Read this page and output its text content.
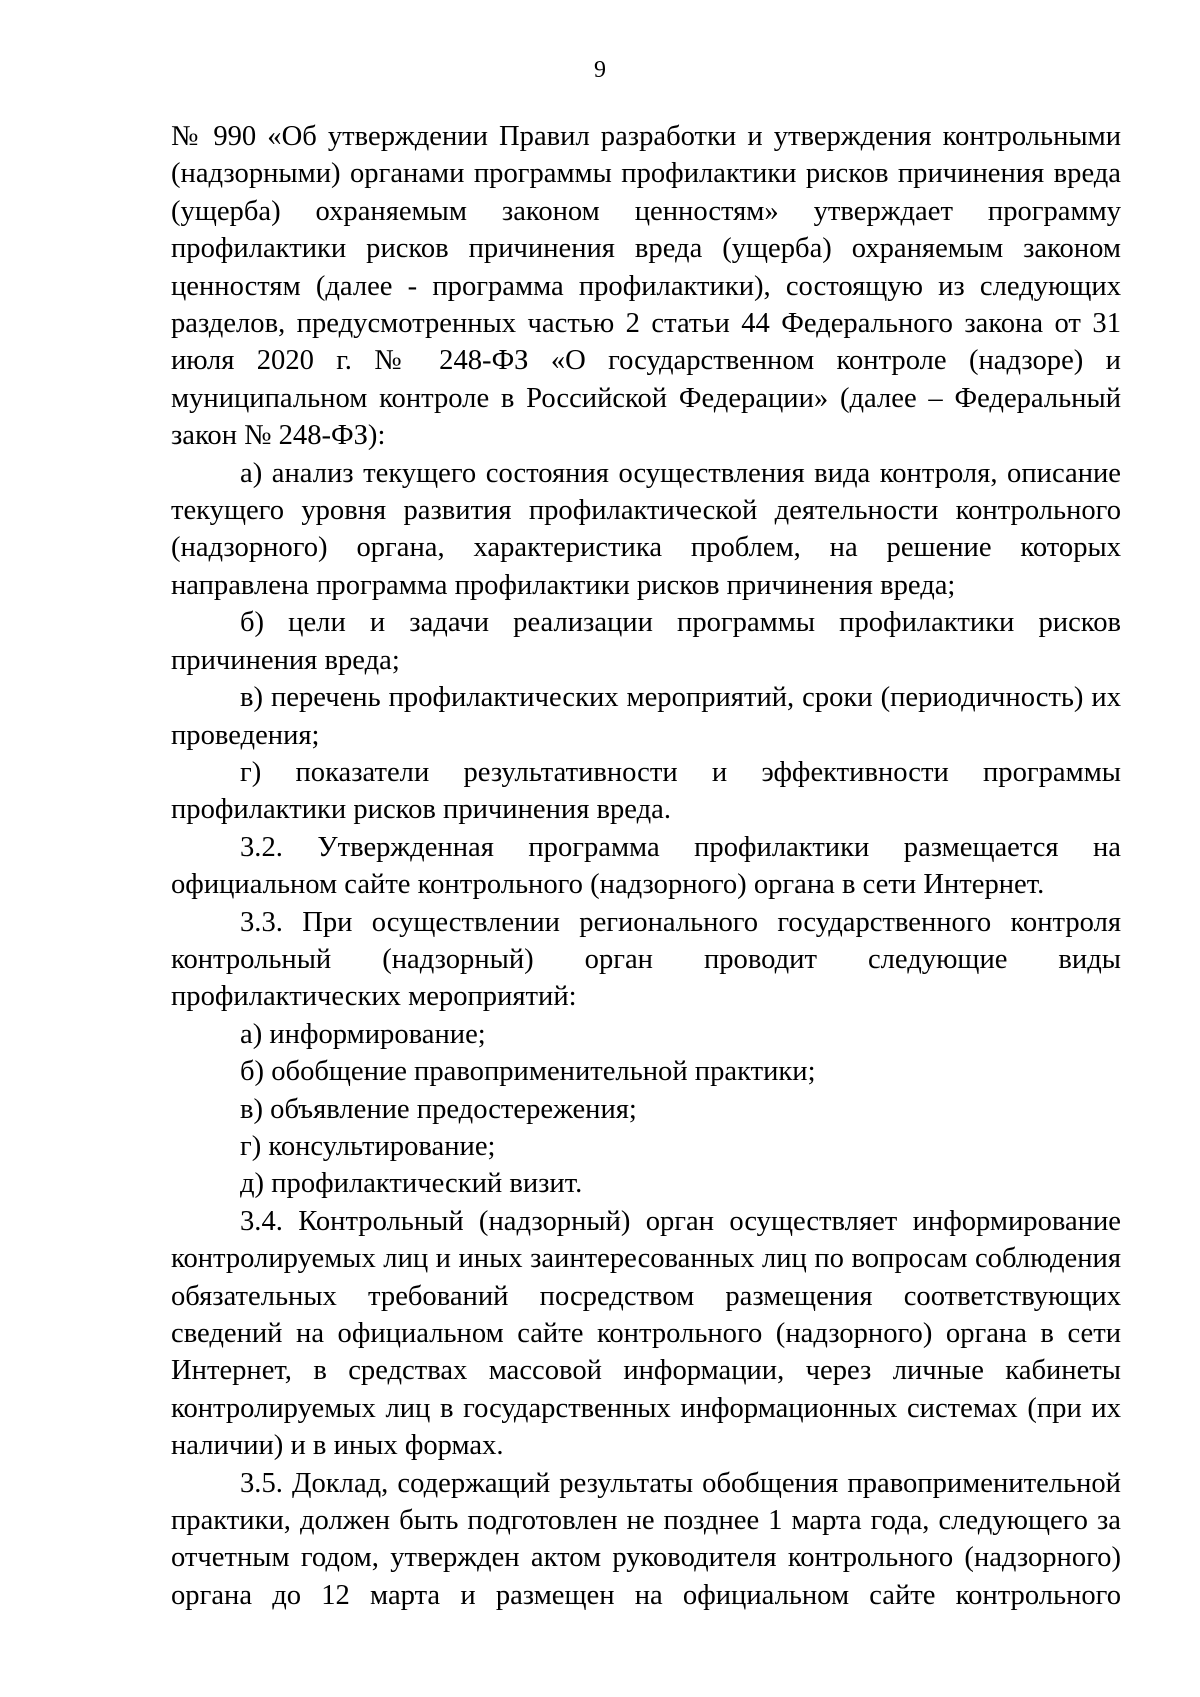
9

№ 990 «Об утверждении Правил разработки и утверждения контрольными (надзорными) органами программы профилактики рисков причинения вреда (ущерба) охраняемым законом ценностям» утверждает программу профилактики рисков причинения вреда (ущерба) охраняемым законом ценностям (далее - программа профилактики), состоящую из следующих разделов, предусмотренных частью 2 статьи 44 Федерального закона от 31 июля 2020 г. № 248-ФЗ «О государственном контроле (надзоре) и муниципальном контроле в Российской Федерации» (далее – Федеральный закон № 248-ФЗ):

а) анализ текущего состояния осуществления вида контроля, описание текущего уровня развития профилактической деятельности контрольного (надзорного) органа, характеристика проблем, на решение которых направлена программа профилактики рисков причинения вреда;

б) цели и задачи реализации программы профилактики рисков причинения вреда;

в) перечень профилактических мероприятий, сроки (периодичность) их проведения;

г) показатели результативности и эффективности программы профилактики рисков причинения вреда.

3.2. Утвержденная программа профилактики размещается на официальном сайте контрольного (надзорного) органа в сети Интернет.

3.3. При осуществлении регионального государственного контроля контрольный (надзорный) орган проводит следующие виды профилактических мероприятий:

а) информирование;

б) обобщение правоприменительной практики;

в) объявление предостережения;

г) консультирование;

д) профилактический визит.

3.4. Контрольный (надзорный) орган осуществляет информирование контролируемых лиц и иных заинтересованных лиц по вопросам соблюдения обязательных требований посредством размещения соответствующих сведений на официальном сайте контрольного (надзорного) органа в сети Интернет, в средствах массовой информации, через личные кабинеты контролируемых лиц в государственных информационных системах (при их наличии) и в иных формах.

3.5. Доклад, содержащий результаты обобщения правоприменительной практики, должен быть подготовлен не позднее 1 марта года, следующего за отчетным годом, утвержден актом руководителя контрольного (надзорного) органа до 12 марта и размещен на официальном сайте контрольного
